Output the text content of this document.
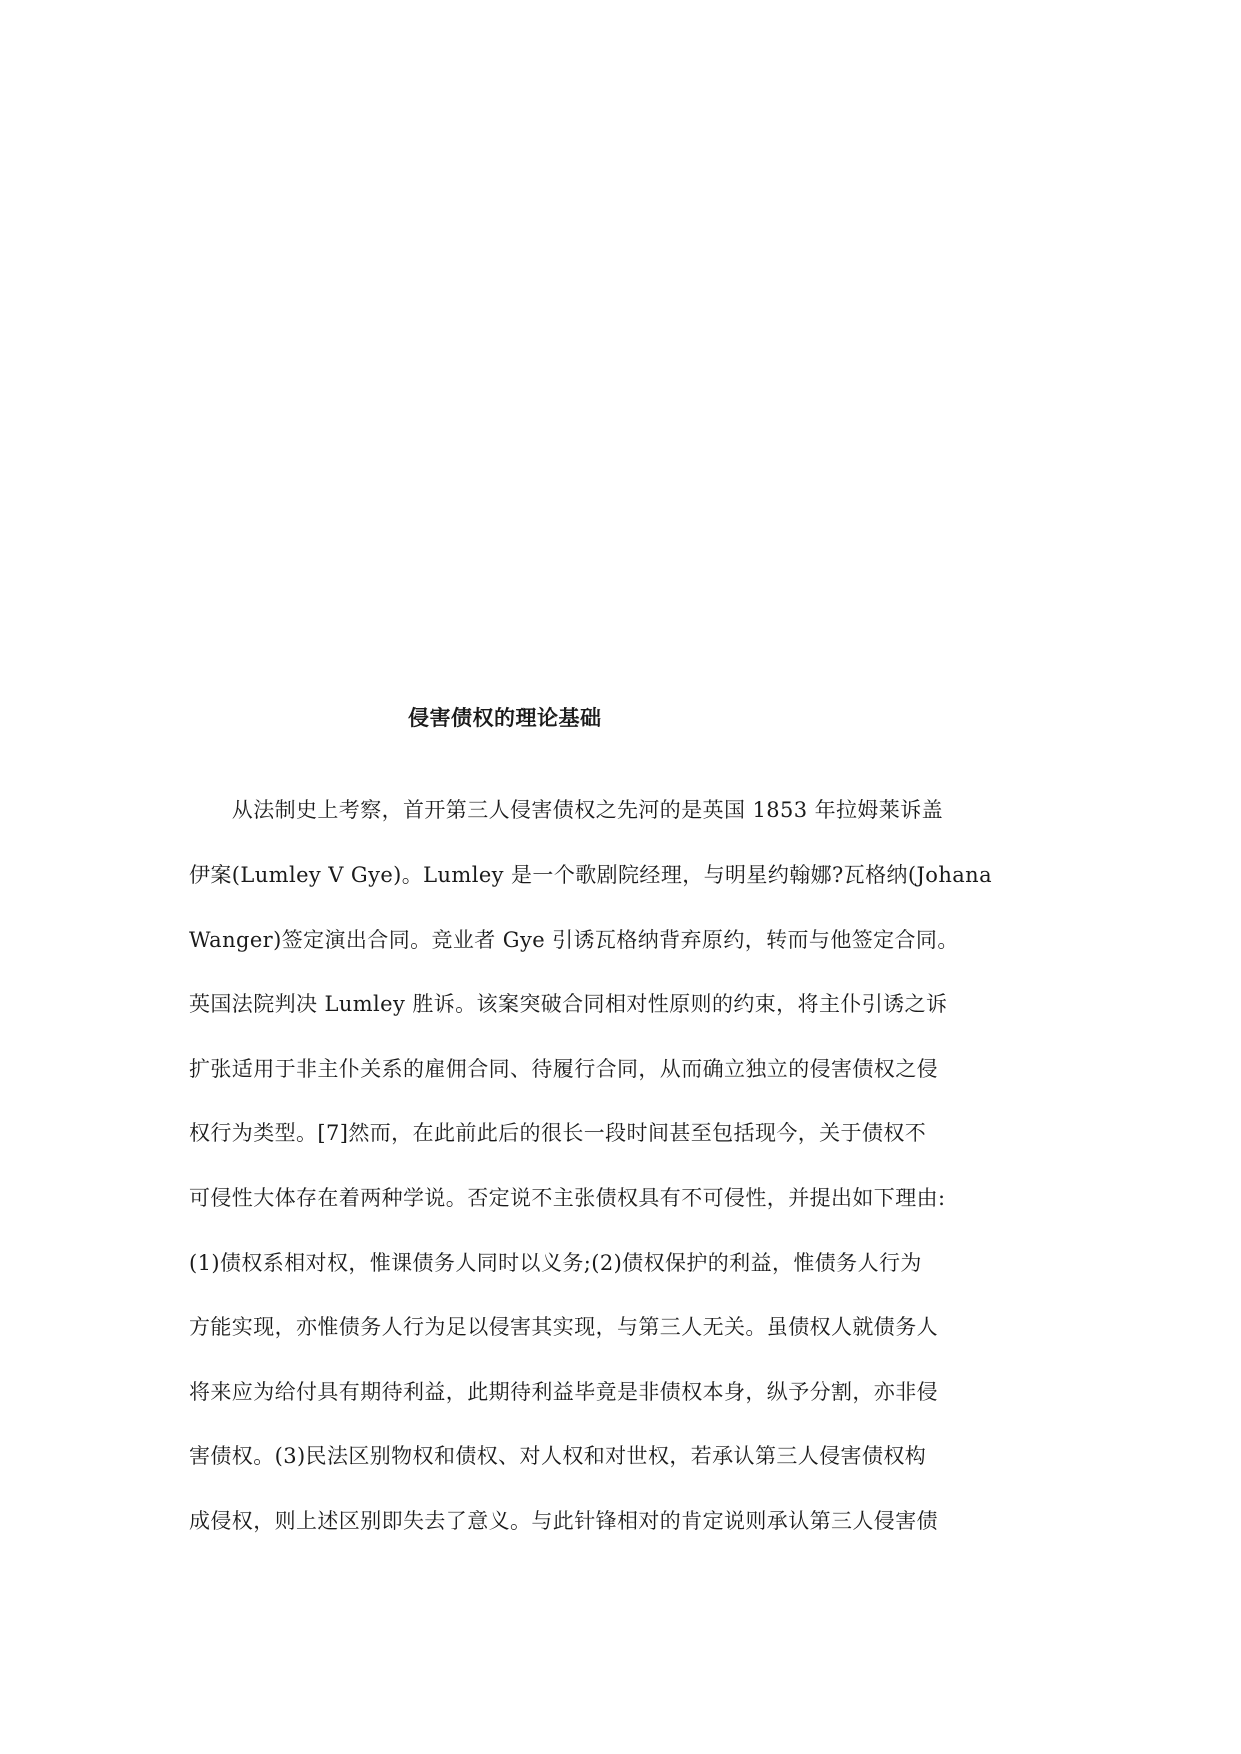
侵害债权的理论基础

　　从法制史上考察，首开第三人侵害债权之先河的是英国 1853 年拉姆莱诉盖

伊案(Lumley V Gye)。Lumley 是一个歌剧院经理，与明星约翰娜?瓦格纳(Johana

Wanger)签定演出合同。竞业者 Gye 引诱瓦格纳背弃原约，转而与他签定合同。

英国法院判决 Lumley 胜诉。该案突破合同相对性原则的约束，将主仆引诱之诉

扩张适用于非主仆关系的雇佣合同、待履行合同，从而确立独立的侵害债权之侵

权行为类型。[7]然而，在此前此后的很长一段时间甚至包括现今，关于债权不

可侵性大体存在着两种学说。否定说不主张债权具有不可侵性，并提出如下理由:

(1)债权系相对权，惟课债务人同时以义务;(2)债权保护的利益，惟债务人行为

方能实现，亦惟债务人行为足以侵害其实现，与第三人无关。虽债权人就债务人

将来应为给付具有期待利益，此期待利益毕竟是非债权本身，纵予分割，亦非侵

害债权。(3)民法区别物权和债权、对人权和对世权，若承认第三人侵害债权构

成侵权，则上述区别即失去了意义。与此针锋相对的肯定说则承认第三人侵害债
